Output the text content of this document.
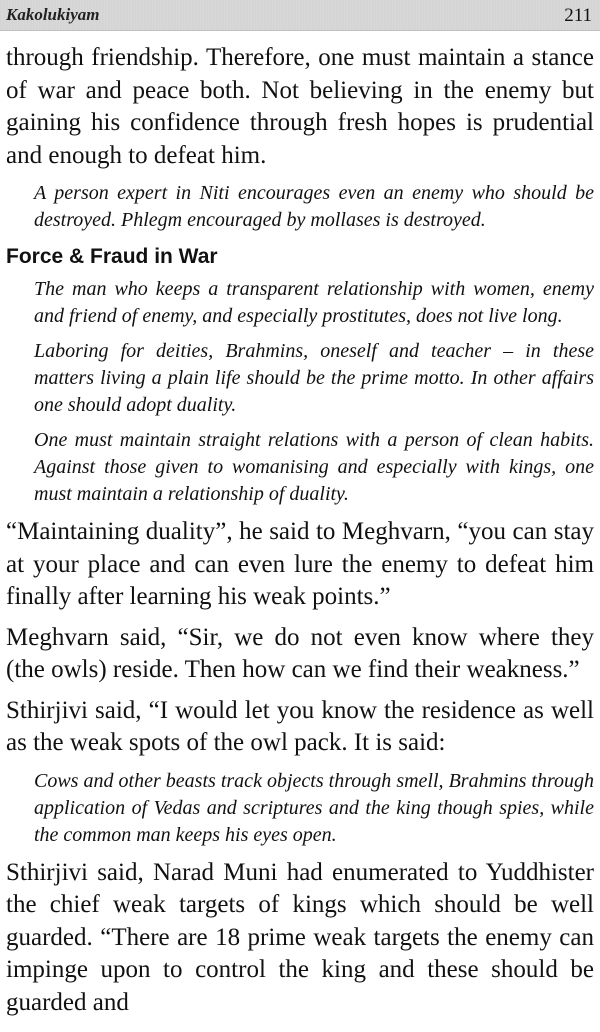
Kakolukiyam	211

through friendship. Therefore, one must maintain a stance of war and peace both. Not believing in the enemy but gaining his confidence through fresh hopes is prudential and enough to defeat him.

A person expert in Niti encourages even an enemy who should be destroyed. Phlegm encouraged by mollases is destroyed.

Force & Fraud in War

The man who keeps a transparent relationship with women, enemy and friend of enemy, and especially prostitutes, does not live long.

Laboring for deities, Brahmins, oneself and teacher – in these matters living a plain life should be the prime motto. In other affairs one should adopt duality.

One must maintain straight relations with a person of clean habits. Against those given to womanising and especially with kings, one must maintain a relationship of duality.

“Maintaining duality”, he said to Meghvarn, “you can stay at your place and can even lure the enemy to defeat him finally after learning his weak points.”

Meghvarn said, “Sir, we do not even know where they (the owls) reside. Then how can we find their weakness.”

Sthirjivi said, “I would let you know the residence as well as the weak spots of the owl pack. It is said:

Cows and other beasts track objects through smell, Brahmins through application of Vedas and scriptures and the king though spies, while the common man keeps his eyes open.

Sthirjivi said, Narad Muni had enumerated to Yuddhister the chief weak targets of kings which should be well guarded. “There are 18 prime weak targets the enemy can impinge upon to control the king and these should be guarded and
